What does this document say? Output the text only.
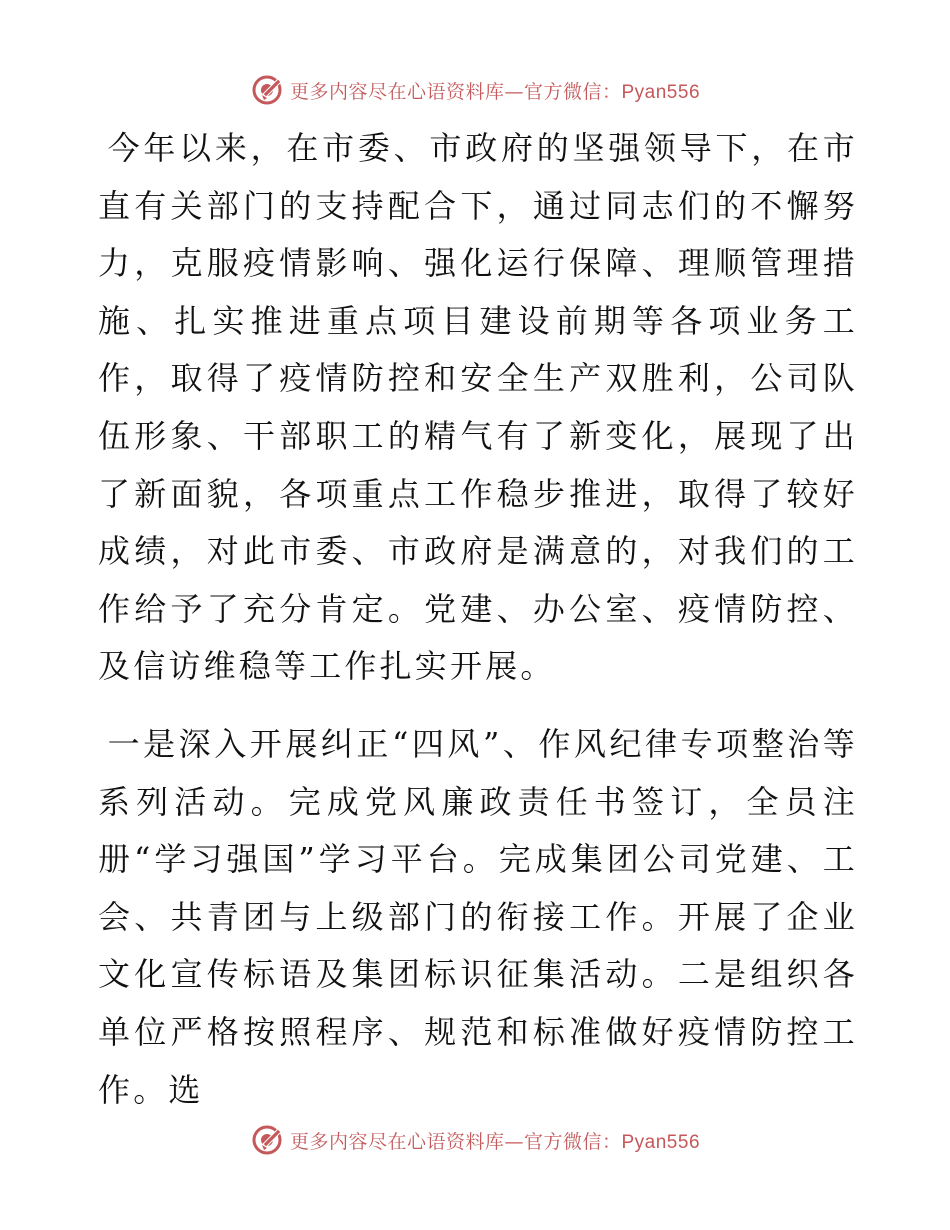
更多内容尽在心语资料库—官方微信：Pyan556

今年以来，在市委、市政府的坚强领导下，在市直有关部门的支持配合下，通过同志们的不懈努力，克服疫情影响、强化运行保障、理顺管理措施、扎实推进重点项目建设前期等各项业务工作，取得了疫情防控和安全生产双胜利，公司队伍形象、干部职工的精气有了新变化，展现了出了新面貌，各项重点工作稳步推进，取得了较好成绩，对此市委、市政府是满意的，对我们的工作给予了充分肯定。党建、办公室、疫情防控、及信访维稳等工作扎实开展。

一是深入开展纠正“四风”、作风纪律专项整治等系列活动。完成党风廉政责任书签订，全员注册“学习强国”学习平台。完成集团公司党建、工会、共青团与上级部门的衔接工作。开展了企业文化宣传标语及集团标识征集活动。二是组织各单位严格按照程序、规范和标准做好疫情防控工作。选

更多内容尽在心语资料库—官方微信：Pyan556
